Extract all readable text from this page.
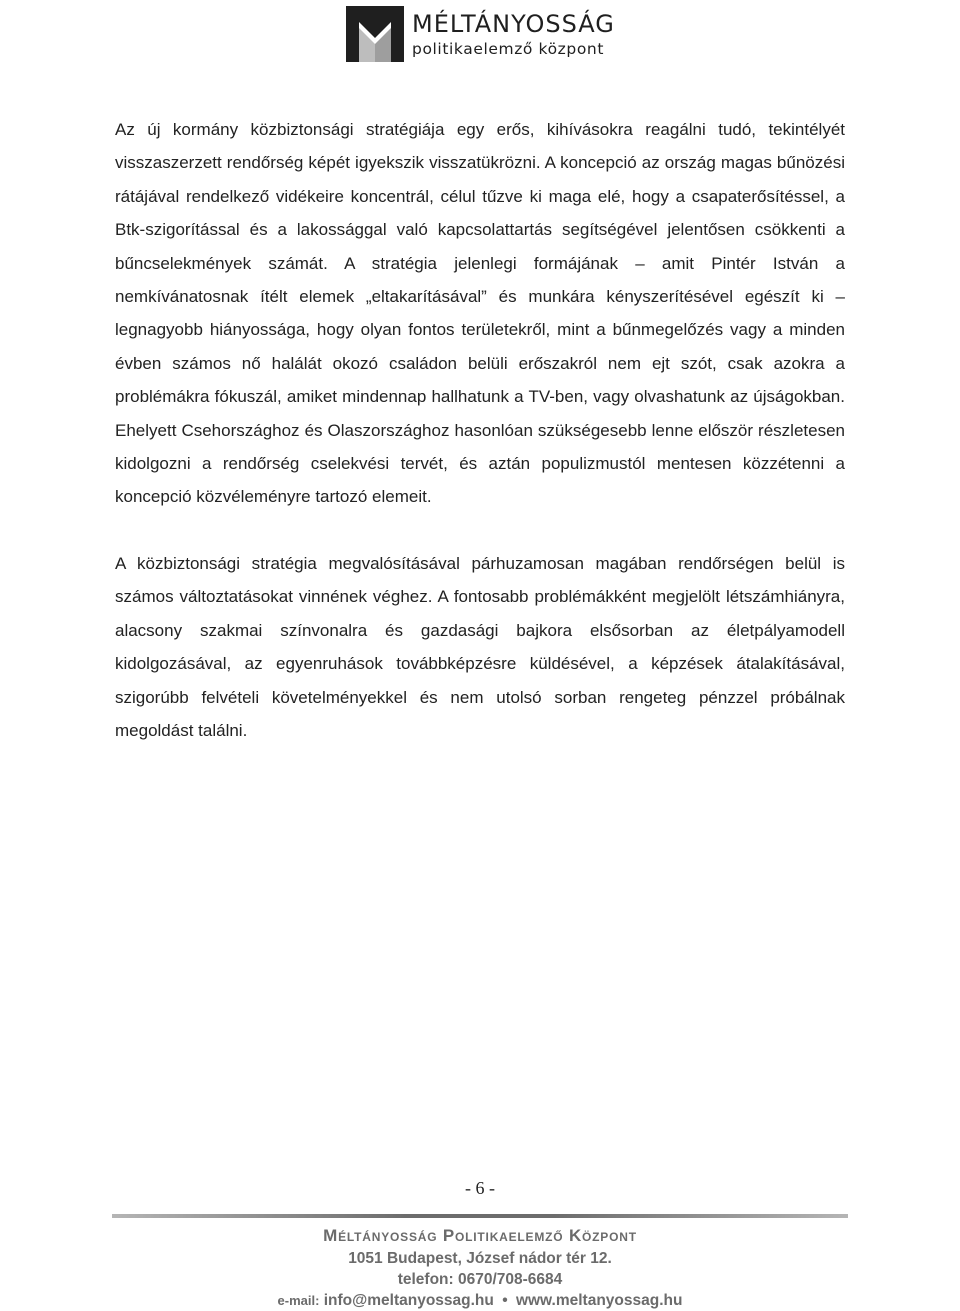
MÉLTÁNYOSSÁG
politikaelemző központ

Az új kormány közbiztonsági stratégiája egy erős, kihívásokra reagálni tudó, tekintélyét visszaszerzett rendőrség képét igyekszik visszatükrözni. A koncepció az ország magas bűnözési rátájával rendelkező vidékeire koncentrál, célul tűzve ki maga elé, hogy a csapaterősítéssel, a Btk-szigorítással és a lakossággal való kapcsolattartás segítségével jelentősen csökkenti a bűncselekmények számát. A stratégia jelenlegi formájának – amit Pintér István a nemkívánatosnak ítélt elemek „eltakarításával” és munkára kényszerítésével egészít ki – legnagyobb hiányossága, hogy olyan fontos területekről, mint a bűnmegelőzés vagy a minden évben számos nő halálát okozó családon belüli erőszakról nem ejt szót, csak azokra a problémákra fókuszál, amiket mindennap hallhatunk a TV-ben, vagy olvashatunk az újságokban. Ehelyett Csehországhoz és Olaszországhoz hasonlóan szükségesebb lenne először részletesen kidolgozni a rendőrség cselekvési tervét, és aztán populizmustól mentesen közzétenni a koncepció közvéleményre tartozó elemeit.

A közbiztonsági stratégia megvalósításával párhuzamosan magában rendőrségen belül is számos változtatásokat vinnének véghez. A fontosabb problémákként megjelölt létszámhiányra, alacsony szakmai színvonalra és gazdasági bajkora elsősorban az életpályamodell kidolgozásával, az egyenruhások továbbképzésre küldésével, a képzések átalakításával, szigorúbb felvételi követelményekkel és nem utolsó sorban rengeteg pénzzel próbálnak megoldást találni.

- 6 -
Méltányosság Politikaelemző Központ
1051 Budapest, József nádor tér 12.
telefon: 0670/708-6684
e-mail: info@meltanyossag.hu • www.meltanyossag.hu
